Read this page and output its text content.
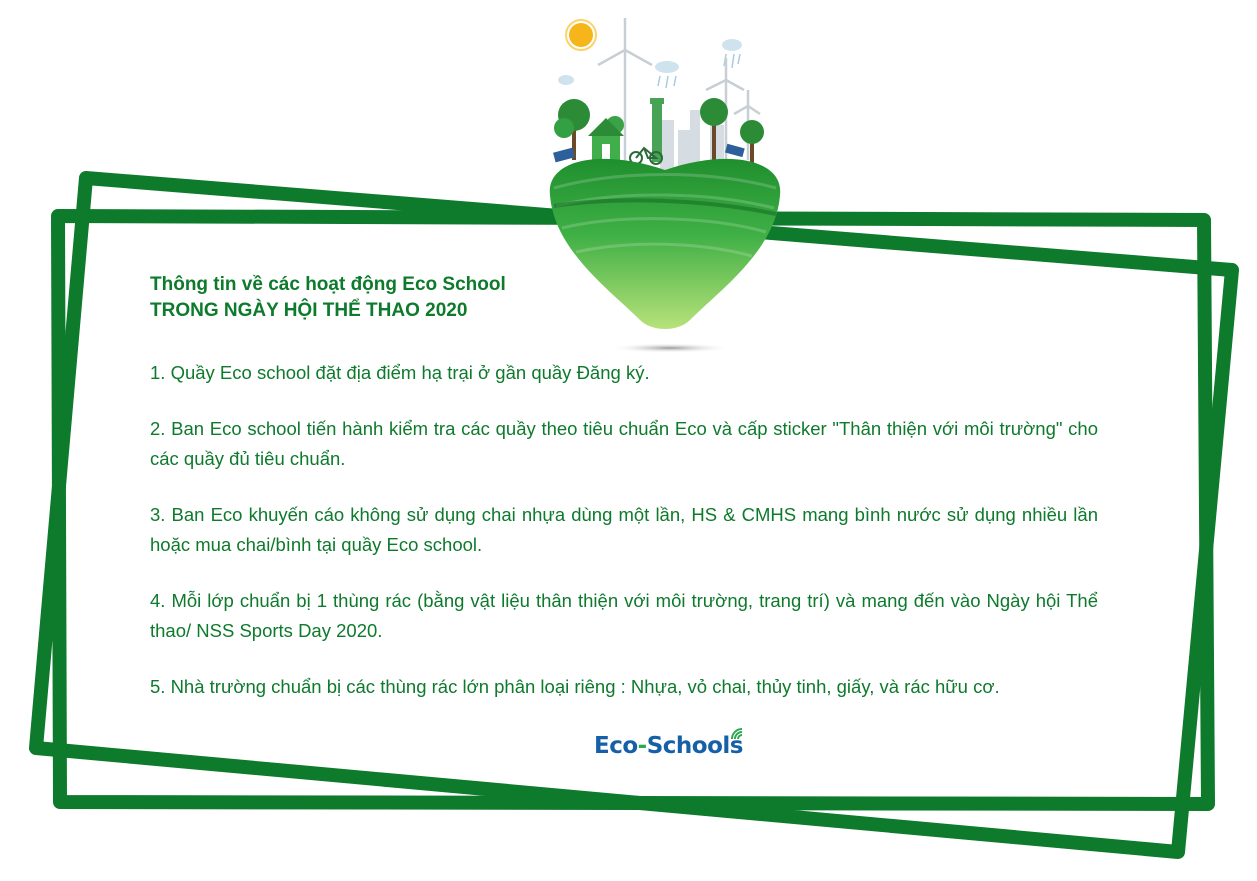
Thông tin về các hoạt động Eco School
TRONG NGÀY HỘI THỂ THAO 2020
1. Quầy Eco school đặt địa điểm hạ trại ở gần quầy Đăng ký.
2. Ban Eco school tiến hành kiểm tra các quầy theo tiêu chuẩn Eco và cấp sticker "Thân thiện với môi trường" cho các quầy đủ tiêu chuẩn.
3. Ban Eco khuyến cáo không sử dụng chai nhựa dùng một lần, HS & CMHS mang bình nước sử dụng nhiều lần hoặc mua chai/bình tại quầy Eco school.
4. Mỗi lớp chuẩn bị 1 thùng rác (bằng vật liệu thân thiện với môi trường, trang trí) và mang đến vào Ngày hội Thể thao/ NSS Sports Day 2020.
5. Nhà trường chuẩn bị các thùng rác lớn phân loại riêng : Nhựa, vỏ chai, thủy tinh, giấy, và rác hữu cơ.
Eco-Schools
